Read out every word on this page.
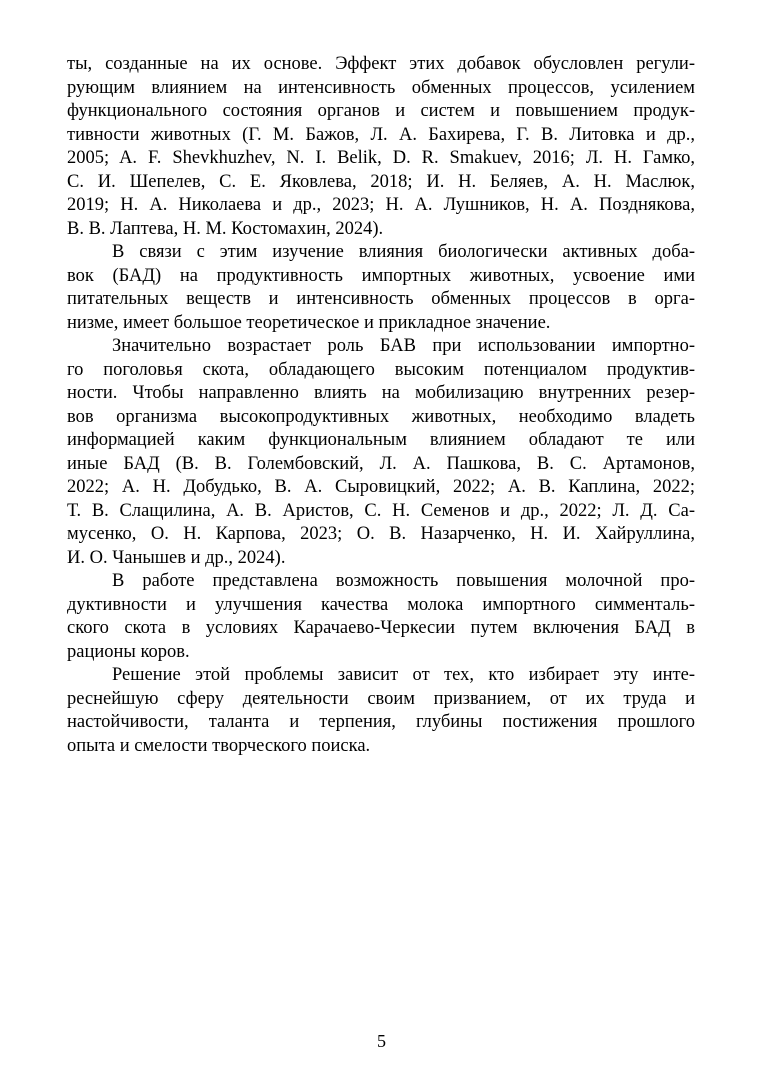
ты, созданные на их основе. Эффект этих добавок обусловлен регули-
рующим влиянием на интенсивность обменных процессов, усилением
функционального состояния органов и систем и повышением продук-
тивности животных (Г. М. Бажов, Л. А. Бахирева, Г. В. Литовка и др.,
2005; A. F. Shevkhuzhev, N. I. Belik, D. R. Smakuev, 2016; Л. Н. Гамко,
С. И. Шепелев, С. Е. Яковлева, 2018; И. Н. Беляев, А. Н. Маслюк,
2019; Н. А. Николаева и др., 2023; Н. А. Лушников, Н. А. Позднякова,
В. В. Лаптева, Н. М. Костомахин, 2024).
В связи с этим изучение влияния биологически активных доба-
вок (БАД) на продуктивность импортных животных, усвоение ими
питательных веществ и интенсивность обменных процессов в орга-
низме, имеет большое теоретическое и прикладное значение.
Значительно возрастает роль БАВ при использовании импортно-
го поголовья скота, обладающего высоким потенциалом продуктив-
ности. Чтобы направленно влиять на мобилизацию внутренних резер-
вов организма высокопродуктивных животных, необходимо владеть
информацией каким функциональным влиянием обладают те или
иные БАД (В. В. Голембовский, Л. А. Пашкова, В. С. Артамонов,
2022; А. Н. Добудько, В. А. Сыровицкий, 2022; А. В. Каплина, 2022;
Т. В. Слащилина, А. В. Аристов, С. Н. Семенов и др., 2022; Л. Д. Са-
мусенко, О. Н. Карпова, 2023; О. В. Назарченко, Н. И. Хайруллина,
И. О. Чанышев и др., 2024).
В работе представлена возможность повышения молочной про-
дуктивности и улучшения качества молока импортного симменталь-
ского скота в условиях Карачаево-Черкесии путем включения БАД в
рационы коров.
Решение этой проблемы зависит от тех, кто избирает эту инте-
реснейшую сферу деятельности своим призванием, от их труда и
настойчивости, таланта и терпения, глубины постижения прошлого
опыта и смелости творческого поиска.
5
